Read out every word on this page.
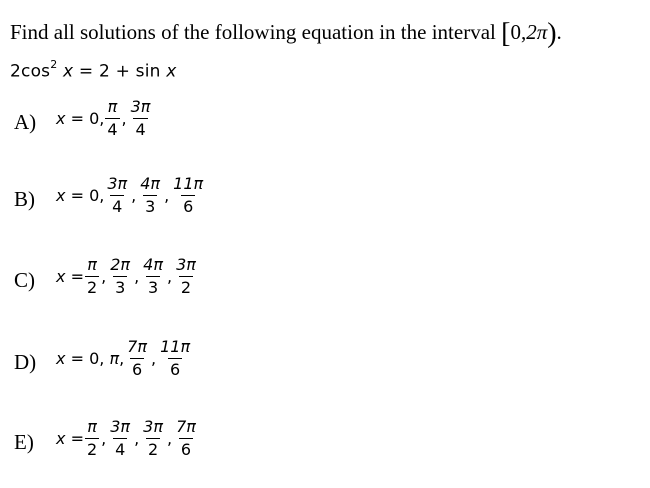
Find all solutions of the following equation in the interval [0,2π).
$2\cos^2$ x = 2 + sin x
A) x = 0, $\frac{\pi}{4}$ , $\frac{3\pi}{4}$
B) x = 0, $\frac{3\pi}{4}$ , $\frac{4\pi}{3}$ , $\frac{11\pi}{6}$
C) $x = \frac{\pi}{2}$ , $\frac{2\pi}{3}$ , $\frac{4\pi}{3}$ , $\frac{3\pi}{2}$
D) x = 0, π, $\frac{7\pi}{6}$ , $\frac{11\pi}{6}$
E) $x = \frac{\pi}{2}$ , $\frac{3\pi}{4}$ , $\frac{3\pi}{2}$ , $\frac{7\pi}{6}$
